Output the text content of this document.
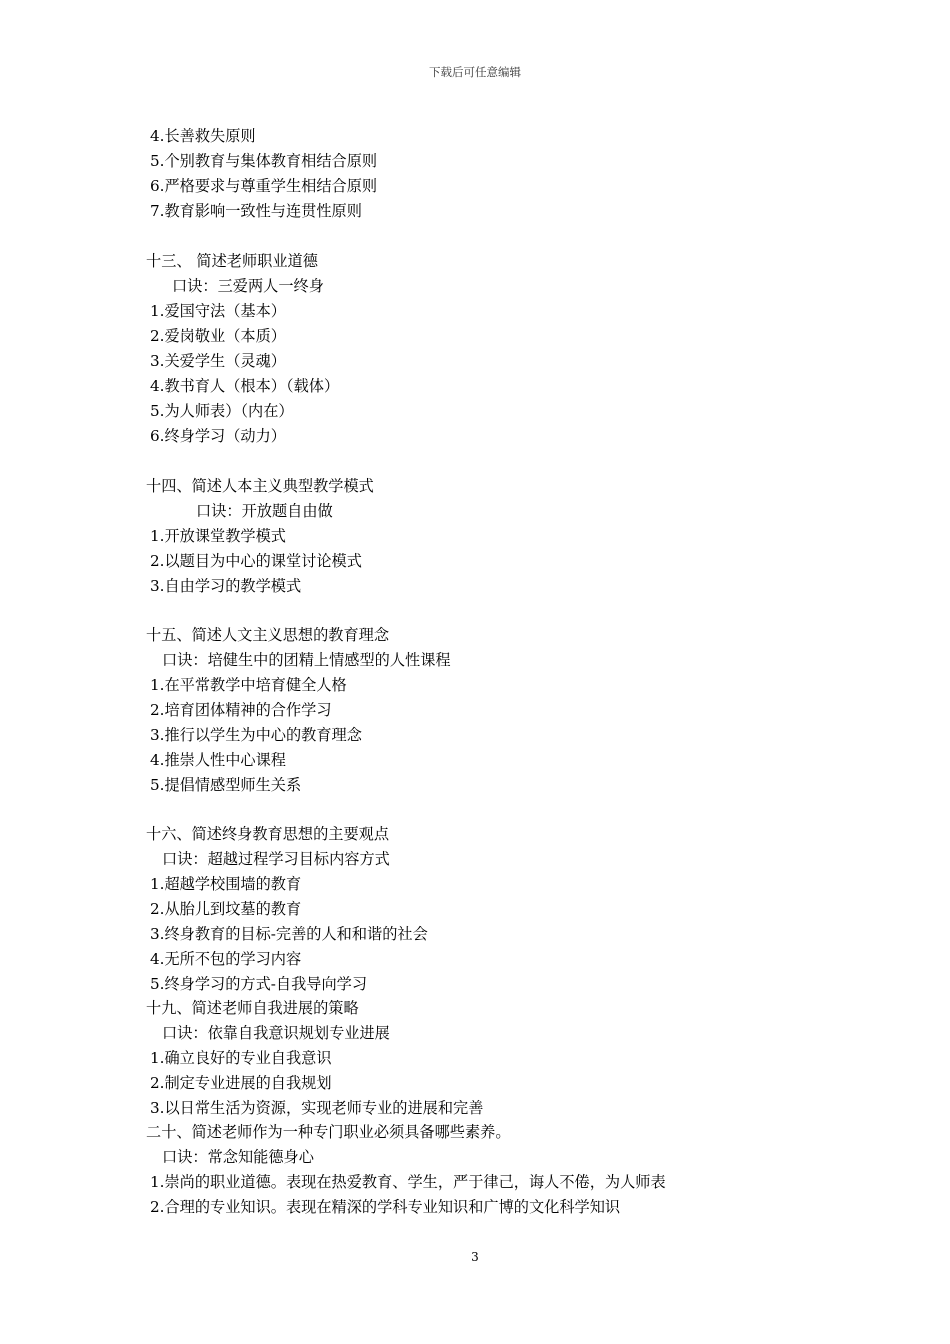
下载后可任意编辑
4.长善救失原则
5.个别教育与集体教育相结合原则
6.严格要求与尊重学生相结合原则
7.教育影响一致性与连贯性原则
十三、 简述老师职业道德
口诀：三爱两人一终身
1.爱国守法（基本）
2.爱岗敬业（本质）
3.关爱学生（灵魂）
4.教书育人（根本）（载体）
5.为人师表）（内在）
6.终身学习（动力）
十四、简述人本主义典型教学模式
口诀：开放题自由做
1.开放课堂教学模式
2.以题目为中心的课堂讨论模式
3.自由学习的教学模式
十五、简述人文主义思想的教育理念
口诀：培健生中的团精上情感型的人性课程
1.在平常教学中培育健全人格
2.培育团体精神的合作学习
3.推行以学生为中心的教育理念
4.推崇人性中心课程
5.提倡情感型师生关系
十六、简述终身教育思想的主要观点
口诀：超越过程学习目标内容方式
1.超越学校围墙的教育
2.从胎儿到坟墓的教育
3.终身教育的目标-完善的人和和谐的社会
4.无所不包的学习内容
5.终身学习的方式-自我导向学习
十九、简述老师自我进展的策略
口诀：依靠自我意识规划专业进展
1.确立良好的专业自我意识
2.制定专业进展的自我规划
3.以日常生活为资源，实现老师专业的进展和完善
二十、简述老师作为一种专门职业必须具备哪些素养。
口诀：常念知能德身心
1.崇尚的职业道德。表现在热爱教育、学生，严于律己，诲人不倦，为人师表
2.合理的专业知识。表现在精深的学科专业知识和广博的文化科学知识
3
